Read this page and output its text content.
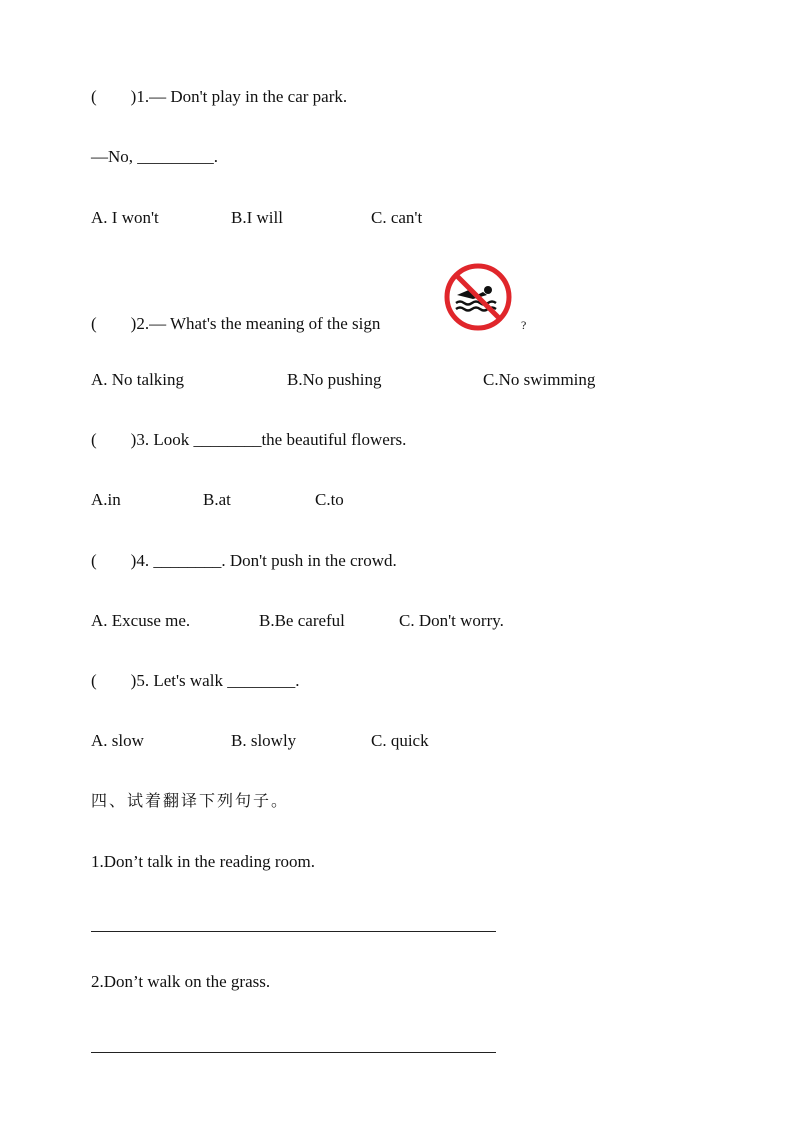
(        )1.— Don't play in the car park.
—No, _________.
A. I won't	B.I will	C. can't
(        )2.— What's the meaning of the sign	?
A. No talking	B.No pushing	C.No swimming
(        )3. Look ________the beautiful flowers.
A.in	B.at	C.to
(        )4. ________. Don't push in the crowd.
A. Excuse me.	B.Be careful	C. Don't worry.
(        )5. Let's walk ________.
A. slow	B. slowly	C. quick
四、试着翻译下列句子。
1.Don’t talk in the reading room.
2.Don’t walk on the grass.
